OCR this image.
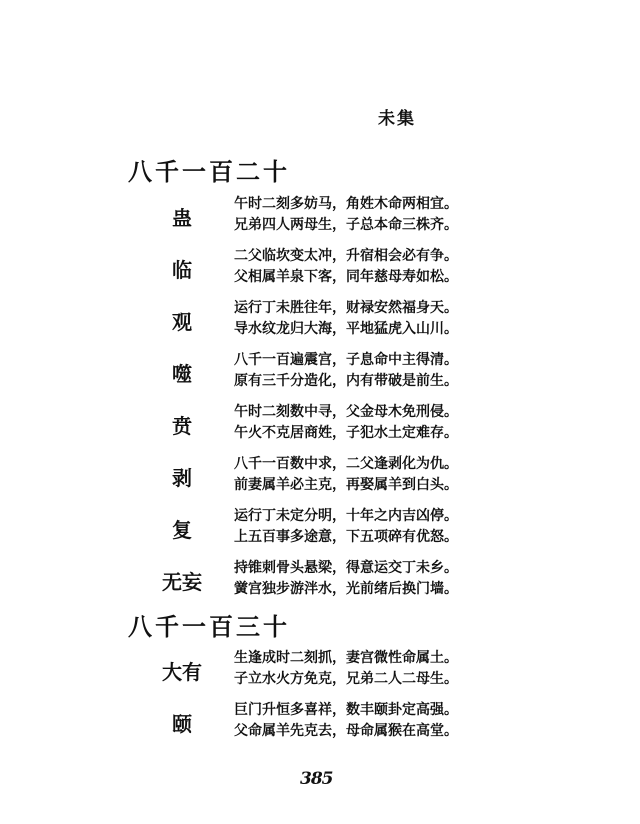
未集
八千一百二十
蛊
午时二刻多妨马，角姓木命两相宜。
兄弟四人两母生，子总本命三株齐。
临
二父临坎变太冲，升宿相会必有争。
父相属羊泉下客，同年慈母寿如松。
观
运行丁未胜往年，财禄安然福身天。
导水纹龙归大海，平地猛虎入山川。
噬
八千一百遍震宫，子息命中主得清。
原有三千分造化，内有带破是前生。
贲
午时二刻数中寻，父金母木免刑侵。
午火不克居商姓，子犯水土定难存。
剥
八千一百数中求，二父逢剥化为仇。
前妻属羊必主克，再娶属羊到白头。
复
运行丁未定分明，十年之内吉凶停。
上五百事多途意，下五项碎有优怒。
无妄
持锥刺骨头悬梁，得意运交丁未乡。
黉宫独步游泮水，光前绪后换门墙。
八千一百三十
大有
生逢成时二刻抓，妻宫微性命属土。
子立水火方免克，兄弟二人二母生。
颐
巨门升恒多喜祥，数丰颐卦定高强。
父命属羊先克去，母命属猴在高堂。
385
